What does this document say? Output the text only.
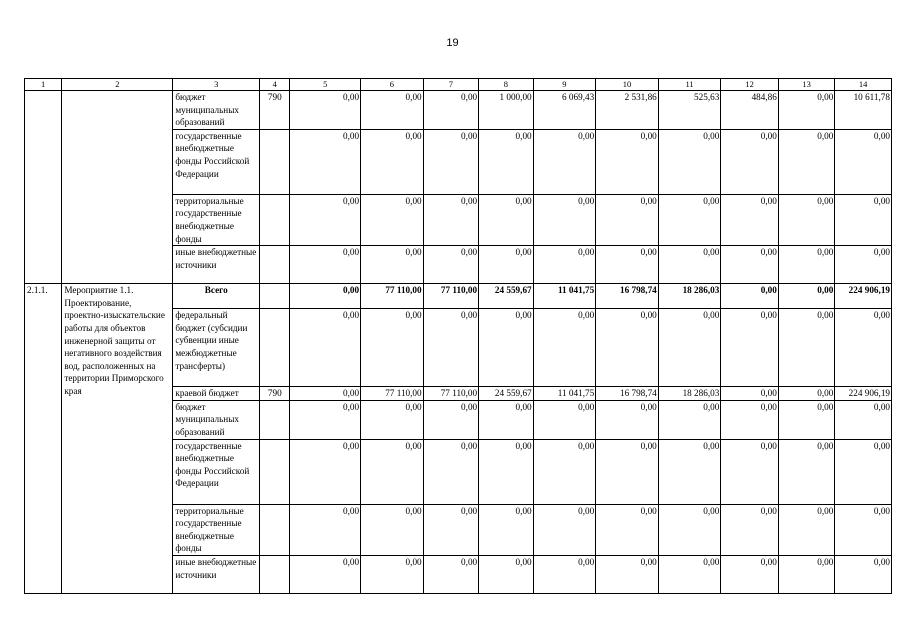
19
1	2	3	4	5	6	7	8	9	10	11	12	13	14
		бюджет муниципальных образований	790	0,00	0,00	0,00	1 000,00	6 069,43	2 531,86	525,63	484,86	0,00	10 611,78
		государственные внебюджетные фонды Российской Федерации		0,00	0,00	0,00	0,00	0,00	0,00	0,00	0,00	0,00	0,00
		территориальные государственные внебюджетные фонды		0,00	0,00	0,00	0,00	0,00	0,00	0,00	0,00	0,00	0,00
		иные внебюджетные источники		0,00	0,00	0,00	0,00	0,00	0,00	0,00	0,00	0,00	0,00
2.1.1.	Мероприятие 1.1. Проектирование, проектно-изыскательские работы для объектов инженерной защиты от негативного воздействия вод, расположенных на территории Приморского края	Всего		0,00	77 110,00	77 110,00	24 559,67	11 041,75	16 798,74	18 286,03	0,00	0,00	224 906,19
		федеральный бюджет (субсидии субвенции иные межбюджетные трансферты)		0,00	0,00	0,00	0,00	0,00	0,00	0,00	0,00	0,00	0,00
		краевой бюджет	790	0,00	77 110,00	77 110,00	24 559,67	11 041,75	16 798,74	18 286,03	0,00	0,00	224 906,19
		бюджет муниципальных образований		0,00	0,00	0,00	0,00	0,00	0,00	0,00	0,00	0,00	0,00
		государственные внебюджетные фонды Российской Федерации		0,00	0,00	0,00	0,00	0,00	0,00	0,00	0,00	0,00	0,00
		территориальные государственные внебюджетные фонды		0,00	0,00	0,00	0,00	0,00	0,00	0,00	0,00	0,00	0,00
		иные внебюджетные источники		0,00	0,00	0,00	0,00	0,00	0,00	0,00	0,00	0,00	0,00
